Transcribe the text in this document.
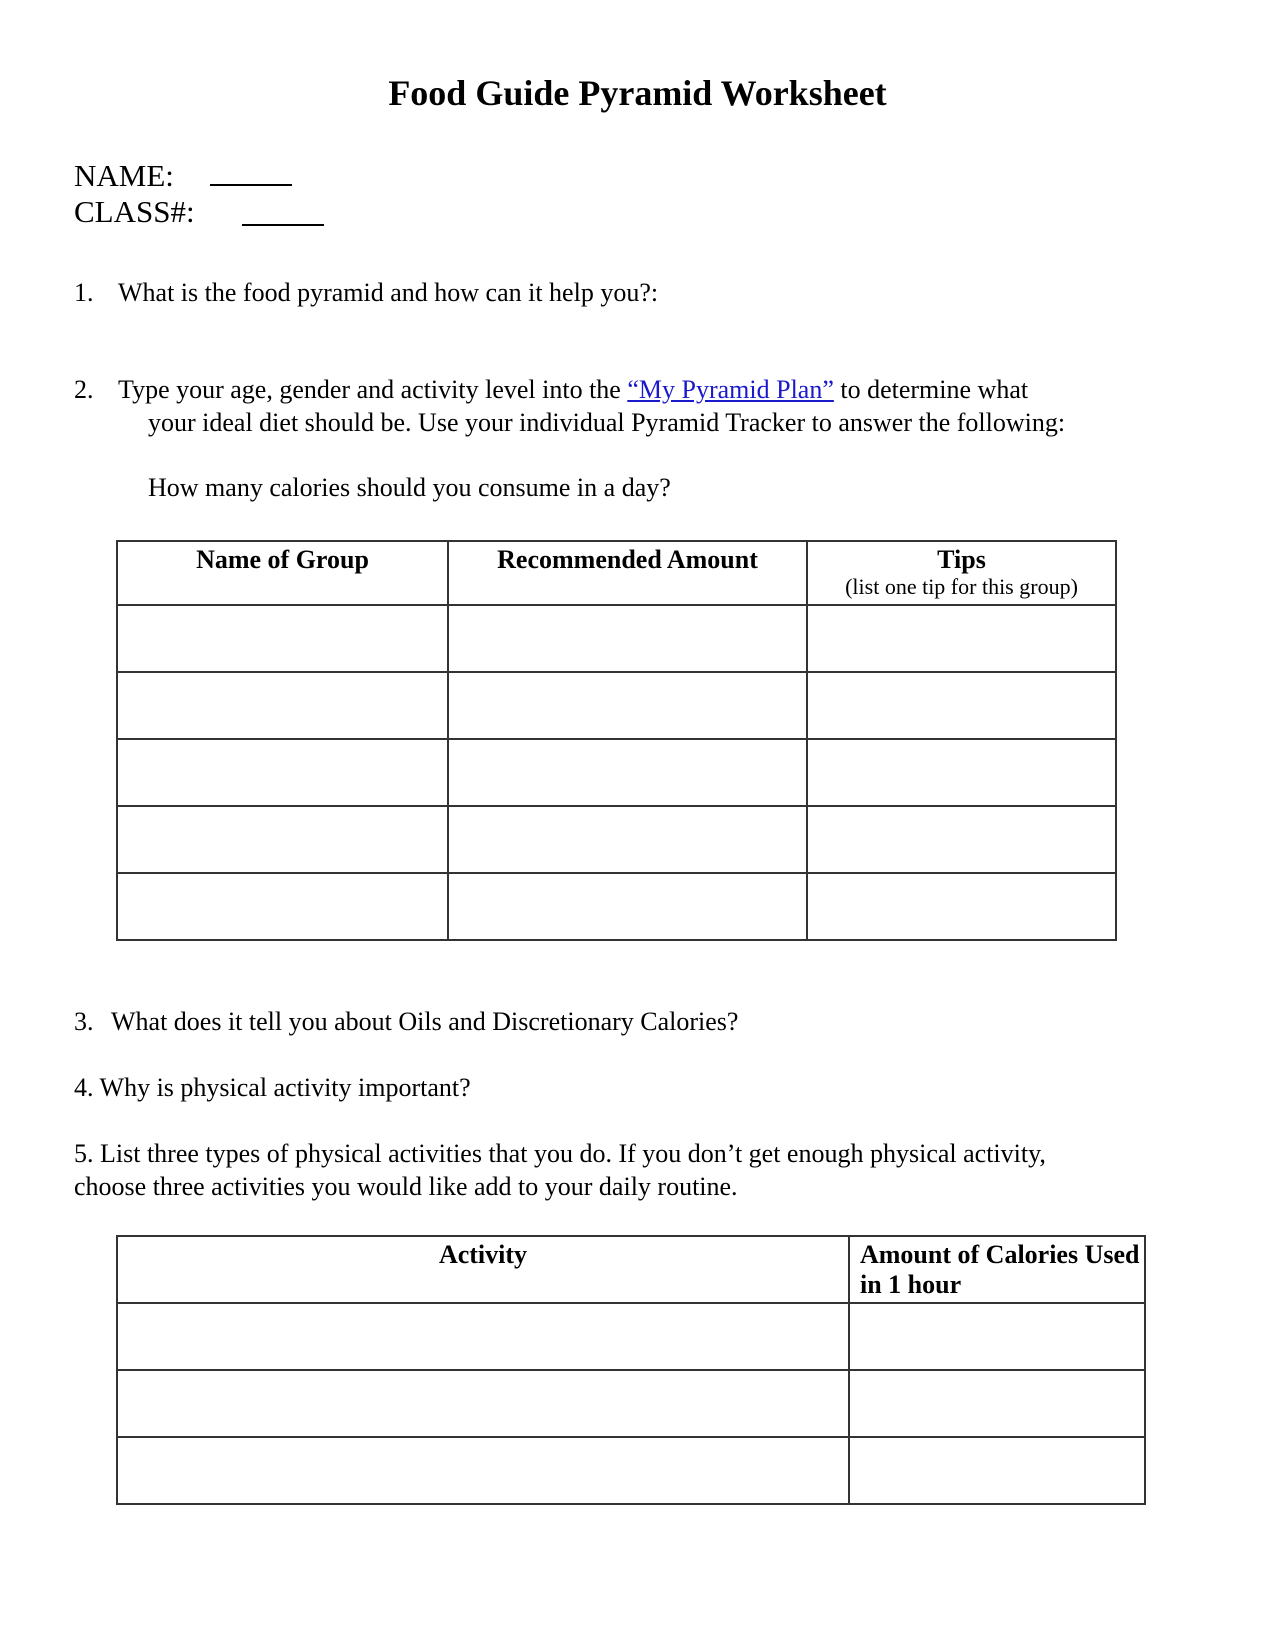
Food Guide Pyramid Worksheet
NAME:
CLASS#:
1. What is the food pyramid and how can it help you?:
2. Type your age, gender and activity level into the “My Pyramid Plan” to determine what
your ideal diet should be. Use your individual Pyramid Tracker to answer the following:
How many calories should you consume in a day?
Name of Group	Recommended Amount	Tips
(list one tip for this group)

3. What does it tell you about Oils and Discretionary Calories?
4. Why is physical activity important?
5. List three types of physical activities that you do. If you don’t get enough physical activity,
choose three activities you would like add to your daily routine.
Activity	Amount of Calories Used in 1 hour
